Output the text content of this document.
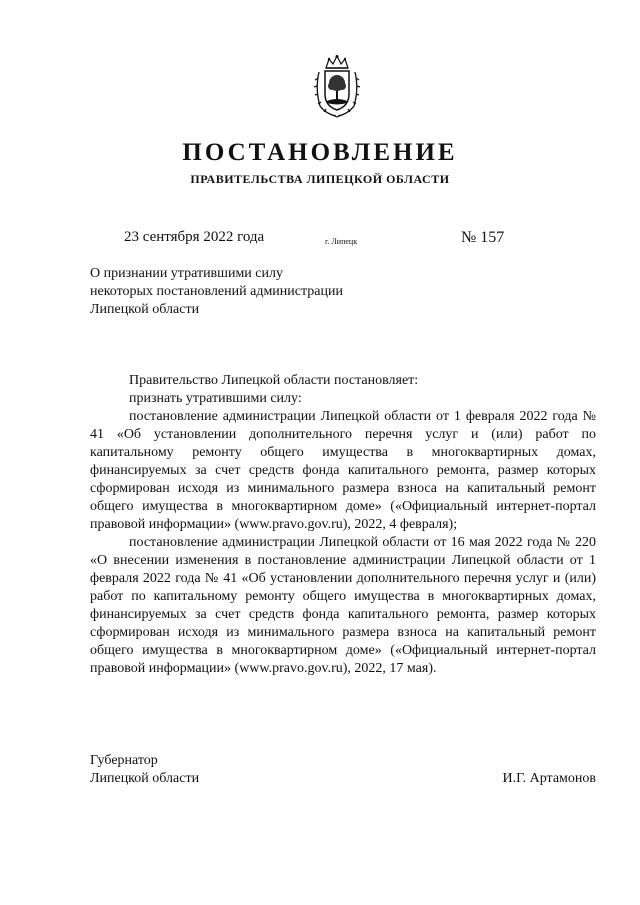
ПОСТАНОВЛЕНИЕ
ПРАВИТЕЛЬСТВА ЛИПЕЦКОЙ ОБЛАСТИ
23 сентября 2022 года	г. Липецк	№ 157
О признании утратившими силу
некоторых постановлений администрации
Липецкой области

Правительство Липецкой области постановляет:

признать утратившими силу:

постановление администрации Липецкой области от 1 февраля 2022 года № 41 «Об установлении дополнительного перечня услуг и (или) работ по капитальному ремонту общего имущества в многоквартирных домах, финансируемых за счет средств фонда капитального ремонта, размер которых сформирован исходя из минимального размера взноса на капитальный ремонт общего имущества в многоквартирном доме» («Официальный интернет-портал правовой информации» (www.pravo.gov.ru), 2022, 4 февраля);

постановление администрации Липецкой области от 16 мая 2022 года № 220 «О внесении изменения в постановление администрации Липецкой области от 1 февраля 2022 года № 41 «Об установлении дополнительного перечня услуг и (или) работ по капитальному ремонту общего имущества в многоквартирных домах, финансируемых за счет средств фонда капитального ремонта, размер которых сформирован исходя из минимального размера взноса на капитальный ремонт общего имущества в многоквартирном доме» («Официальный интернет-портал правовой информации» (www.pravo.gov.ru), 2022, 17 мая).

Губернатор
Липецкой области	И.Г. Артамонов
